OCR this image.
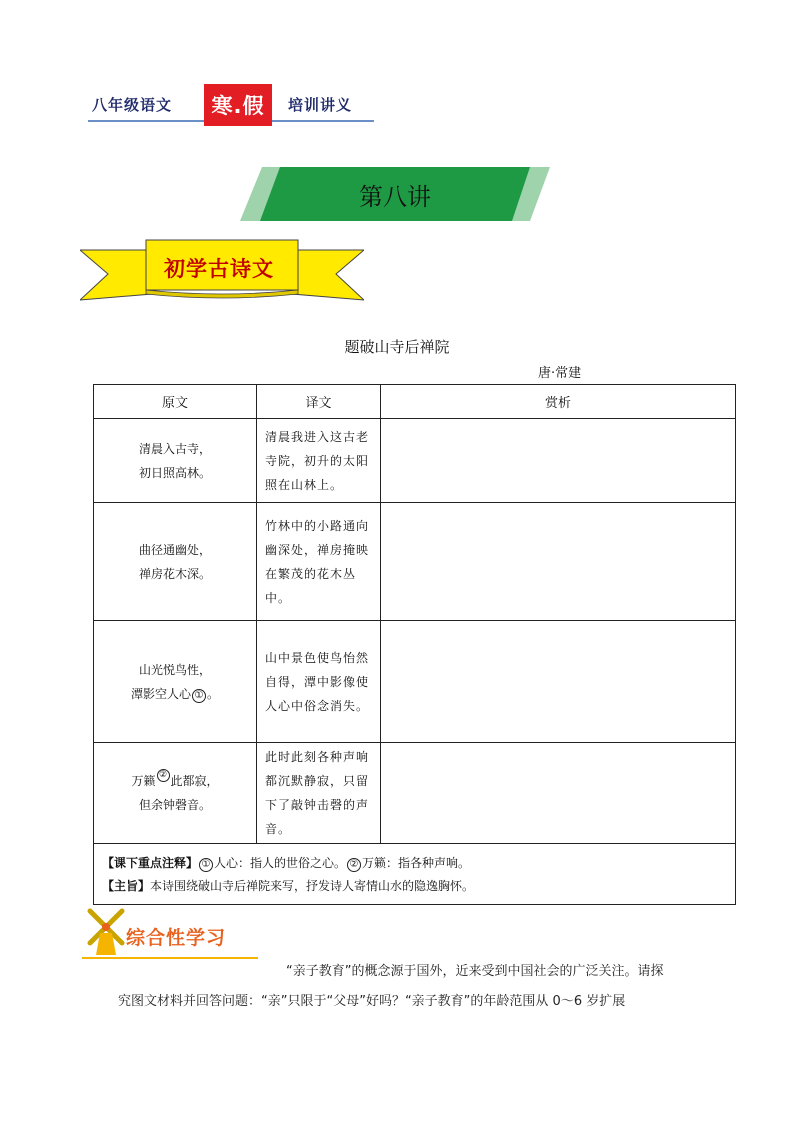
八年级语文	寒.假	培训讲义
第八讲
初学古诗文
题破山寺后禅院
唐·常建
原文	译文	赏析

清晨入古寺，
初日照高林。	清晨我进入这古老寺院，初升的太阳照在山林上。	

曲径通幽处，
禅房花木深。	竹林中的小路通向幽深处，禅房掩映在繁茂的花木丛中。	

山光悦鸟性，
潭影空人心 ① 。	山中景色使鸟怡然自得，潭中影像使人心中俗念消失。	

万籁 ② 此都寂，
但余钟磬音。	此时此刻各种声响都沉默静寂，只留下了敲钟击磬的声音。	

【课下重点注释】 ① 人心：指人的世俗之心。 ② 万籁：指各种声响。
【主旨】本诗围绕破山寺后禅院来写，抒发诗人寄情山水的隐逸胸怀。		
综合性学习
“亲子教育”的概念源于国外，近来受到中国社会的广泛关注。请探
究图文材料并回答问题：“亲”只限于“父母”好吗？“亲子教育”的年龄范围从 0～6 岁扩展
